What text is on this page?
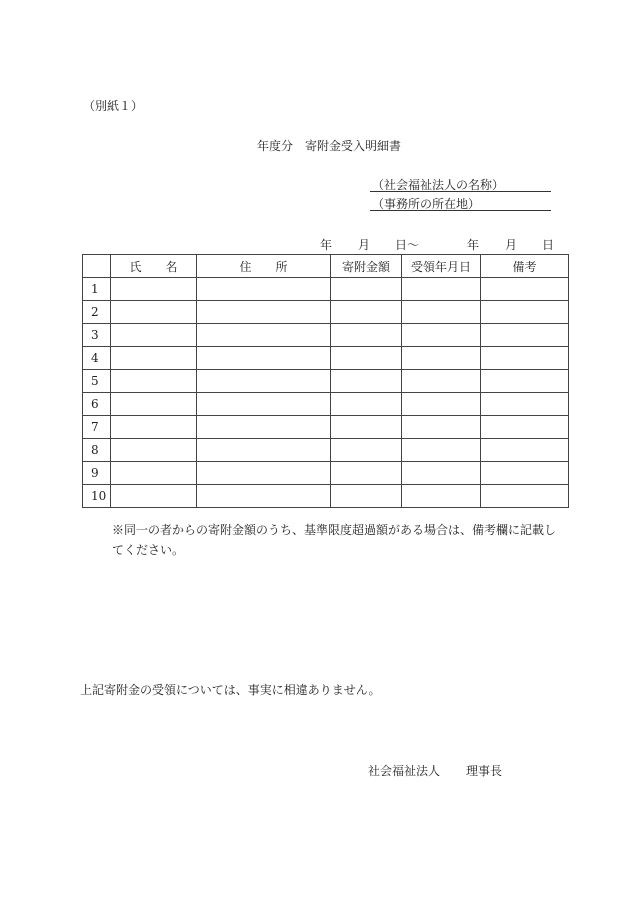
（別紙１）
年度分　寄附金受入明細書
（社会福祉法人の名称）
（事務所の所在地）
年 月 日〜	年 月 日
	氏　　名	住　　所	寄附金額	受領年月日	備考
1					
2					
3					
4					
5					
6					
7					
8					
9					
10					
※同一の者からの寄附金額のうち、基準限度超過額がある場合は、備考欄に記載してください。
上記寄附金の受領については、事実に相違ありません。
社会福祉法人 理事長
